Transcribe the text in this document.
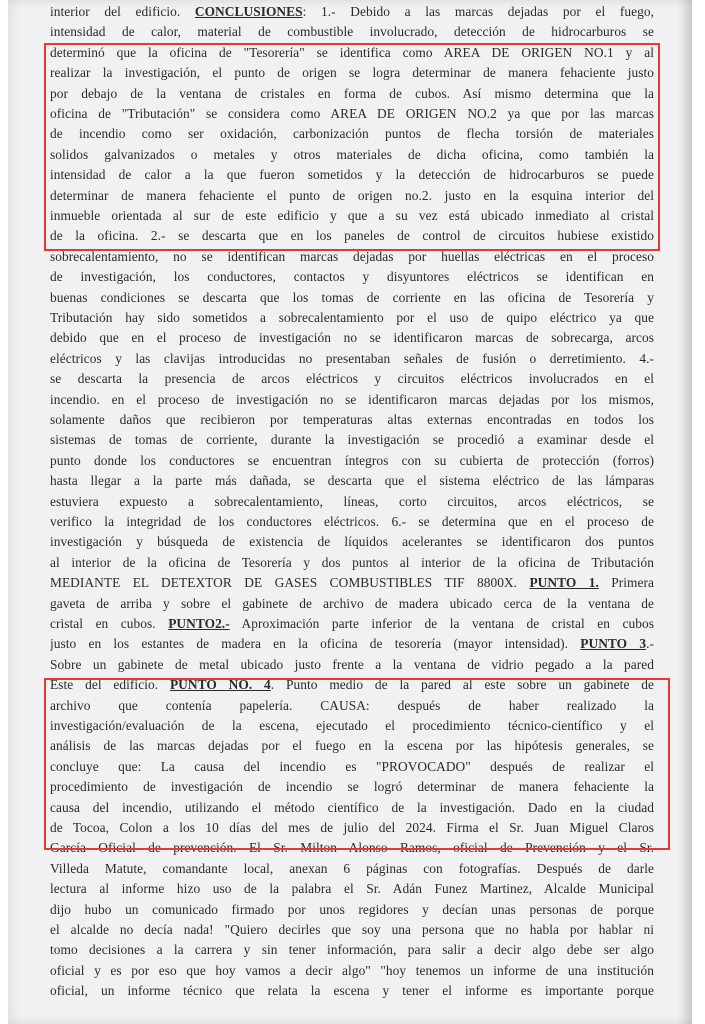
interior del edificio. CONCLUSIONES: 1.- Debido a las marcas dejadas por el fuego,
intensidad de calor, material de combustible involucrado, detección de hidrocarburos se
determinó que la oficina de "Tesorería" se identifica como AREA DE ORIGEN NO.1 y al
realizar la investigación, el punto de origen se logra determinar de manera fehaciente justo
por debajo de la ventana de cristales en forma de cubos. Así mismo determina que la
oficina de "Tributación" se considera como AREA DE ORIGEN NO.2 ya que por las marcas
de incendio como ser oxidación, carbonización puntos de flecha torsión de materiales
solidos galvanizados o metales y otros materiales de dicha oficina, como también la
intensidad de calor a la que fueron sometidos y la detección de hidrocarburos se puede
determinar de manera fehaciente el punto de origen no.2. justo en la esquina interior del
inmueble orientada al sur de este edificio y que a su vez está ubicado inmediato al cristal
de la oficina. 2.- se descarta que en los paneles de control de circuitos hubiese existido
sobrecalentamiento, no se identifican marcas dejadas por huellas eléctricas en el proceso
de investigación, los conductores, contactos y disyuntores eléctricos se identifican en
buenas condiciones se descarta que los tomas de corriente en las oficina de Tesorería y
Tributación hay sido sometidos a sobrecalentamiento por el uso de quipo eléctrico ya que
debido que en el proceso de investigación no se identificaron marcas de sobrecarga, arcos
eléctricos y las clavijas introducidas no presentaban señales de fusión o derretimiento. 4.-
se descarta la presencia de arcos eléctricos y circuitos eléctricos involucrados en el
incendio. en el proceso de investigación no se identificaron marcas dejadas por los mismos,
solamente daños que recibieron por temperaturas altas externas encontradas en todos los
sistemas de tomas de corriente, durante la investigación se procedió a examinar desde el
punto donde los conductores se encuentran íntegros con su cubierta de protección (forros)
hasta llegar a la parte más dañada, se descarta que el sistema eléctrico de las lámparas
estuviera expuesto a sobrecalentamiento, líneas, corto circuitos, arcos eléctricos, se
verifico la integridad de los conductores eléctricos. 6.- se determina que en el proceso de
investigación y búsqueda de existencia de líquidos acelerantes se identificaron dos puntos
al interior de la oficina de Tesorería y dos puntos al interior de la oficina de Tributación
MEDIANTE EL DETEXTOR DE GASES COMBUSTIBLES TIF 8800X. PUNTO 1. Primera
gaveta de arriba y sobre el gabinete de archivo de madera ubicado cerca de la ventana de
cristal en cubos. PUNTO2.- Aproximación parte inferior de la ventana de cristal en cubos
justo en los estantes de madera en la oficina de tesorería (mayor intensidad). PUNTO 3.-
Sobre un gabinete de metal ubicado justo frente a la ventana de vidrio pegado a la pared
Este del edificio. PUNTO NO. 4. Punto medio de la pared al este sobre un gabinete de
archivo que contenía papelería. CAUSA: después de haber realizado la
investigación/evaluación de la escena, ejecutado el procedimiento técnico-científico y el
análisis de las marcas dejadas por el fuego en la escena por las hipótesis generales, se
concluye que: La causa del incendio es "PROVOCADO" después de realizar el
procedimiento de investigación de incendio se logró determinar de manera fehaciente la
causa del incendio, utilizando el método científico de la investigación. Dado en la ciudad
de Tocoa, Colon a los 10 días del mes de julio del 2024. Firma el Sr. Juan Miguel Claros
García Oficial de prevención. El Sr. Milton Alonso Ramos, oficial de Prevención y el Sr.
Villeda Matute, comandante local, anexan 6 páginas con fotografías. Después de darle
lectura al informe hizo uso de la palabra el Sr. Adán Funez Martinez, Alcalde Municipal
dijo hubo un comunicado firmado por unos regidores y decían unas personas de porque
el alcalde no decía nada! "Quiero decirles que soy una persona que no habla por hablar ni
tomo decisiones a la carrera y sin tener información, para salir a decir algo debe ser algo
oficial y es por eso que hoy vamos a decir algo" "hoy tenemos un informe de una institución
oficial, un informe técnico que relata la escena y tener el informe es importante porque
